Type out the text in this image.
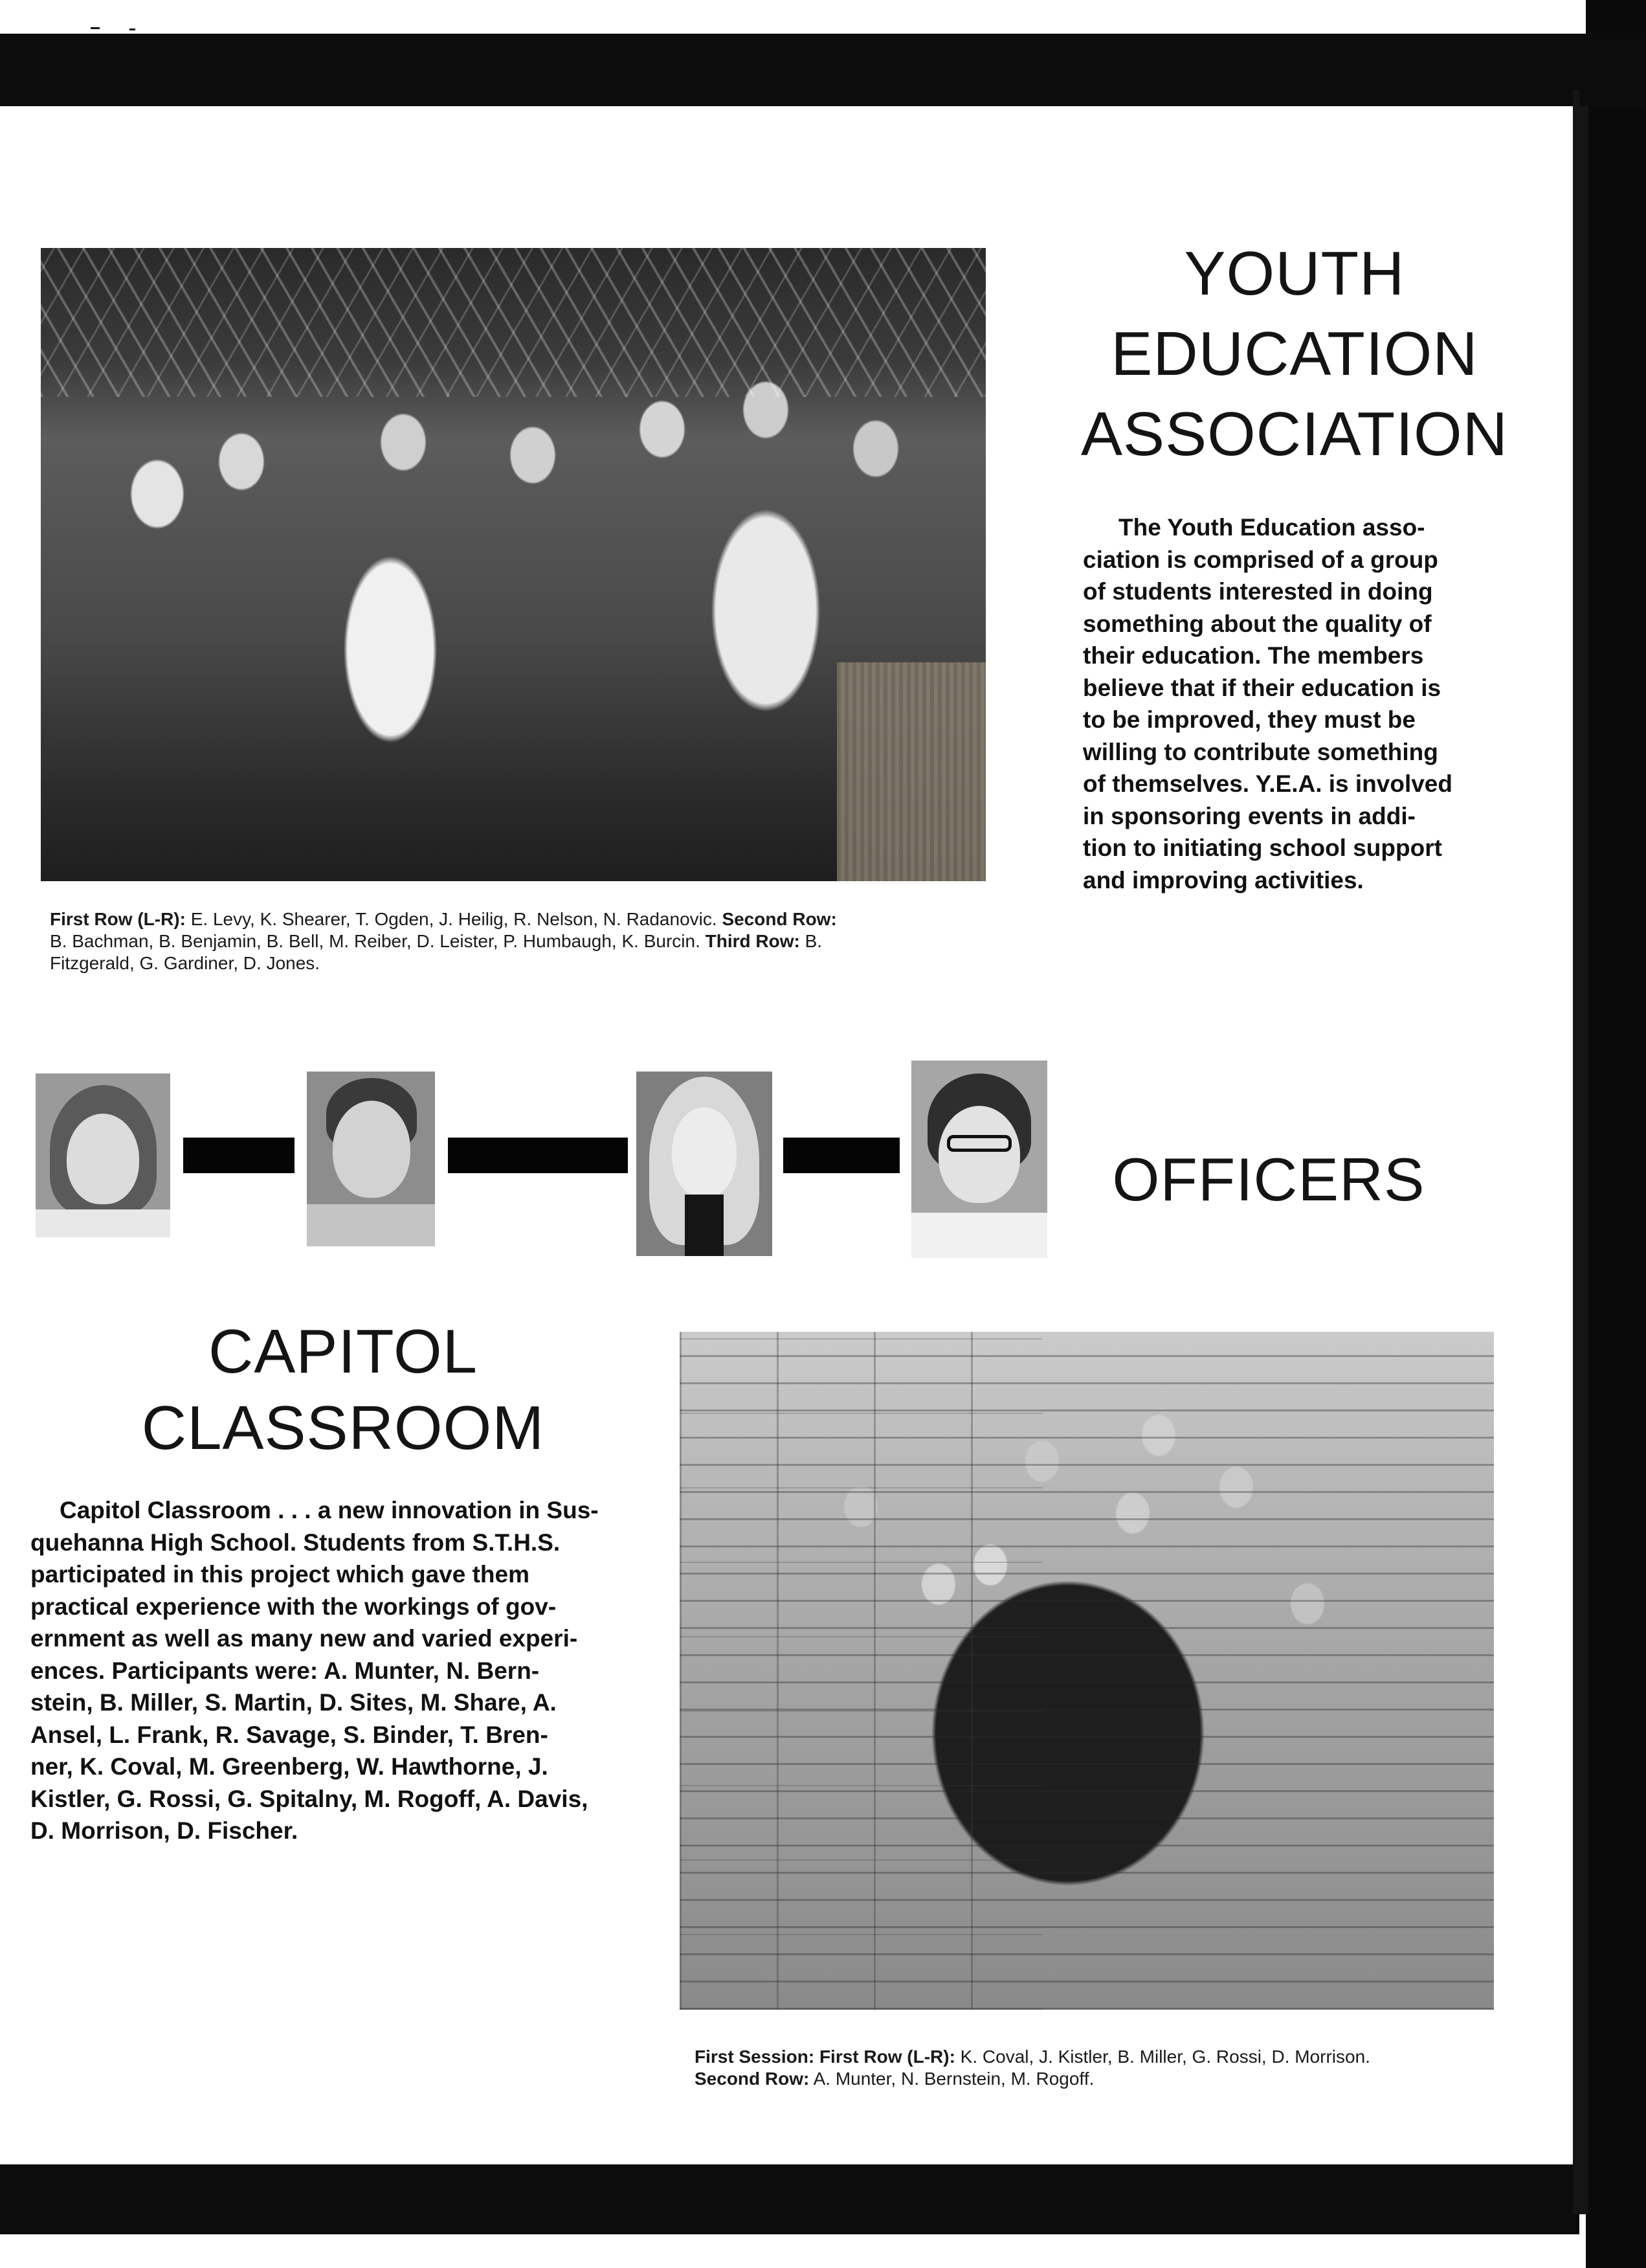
First Row (L-R): E. Levy, K. Shearer, T. Ogden, J. Heilig, R. Nelson, N. Radanovic. Second Row:
B. Bachman, B. Benjamin, B. Bell, M. Reiber, D. Leister, P. Humbaugh, K. Burcin. Third Row: B.
Fitzgerald, G. Gardiner, D. Jones.

YOUTH
EDUCATION
ASSOCIATION

The Youth Education asso-
ciation is comprised of a group
of students interested in doing
something about the quality of
their education. The members
believe that if their education is
to be improved, they must be
willing to contribute something
of themselves. Y.E.A. is involved
in sponsoring events in addi-
tion to initiating school support
and improving activities.

OFFICERS
CAPITOL
CLASSROOM

Capitol Classroom . . . a new innovation in Sus-
quehanna High School. Students from S.T.H.S.
participated in this project which gave them
practical experience with the workings of gov-
ernment as well as many new and varied experi-
ences. Participants were: A. Munter, N. Bern-
stein, B. Miller, S. Martin, D. Sites, M. Share, A.
Ansel, L. Frank, R. Savage, S. Binder, T. Bren-
ner, K. Coval, M. Greenberg, W. Hawthorne, J.
Kistler, G. Rossi, G. Spitalny, M. Rogoff, A. Davis,
D. Morrison, D. Fischer.

First Session: First Row (L-R): K. Coval, J. Kistler, B. Miller, G. Rossi, D. Morrison.
Second Row: A. Munter, N. Bernstein, M. Rogoff.
